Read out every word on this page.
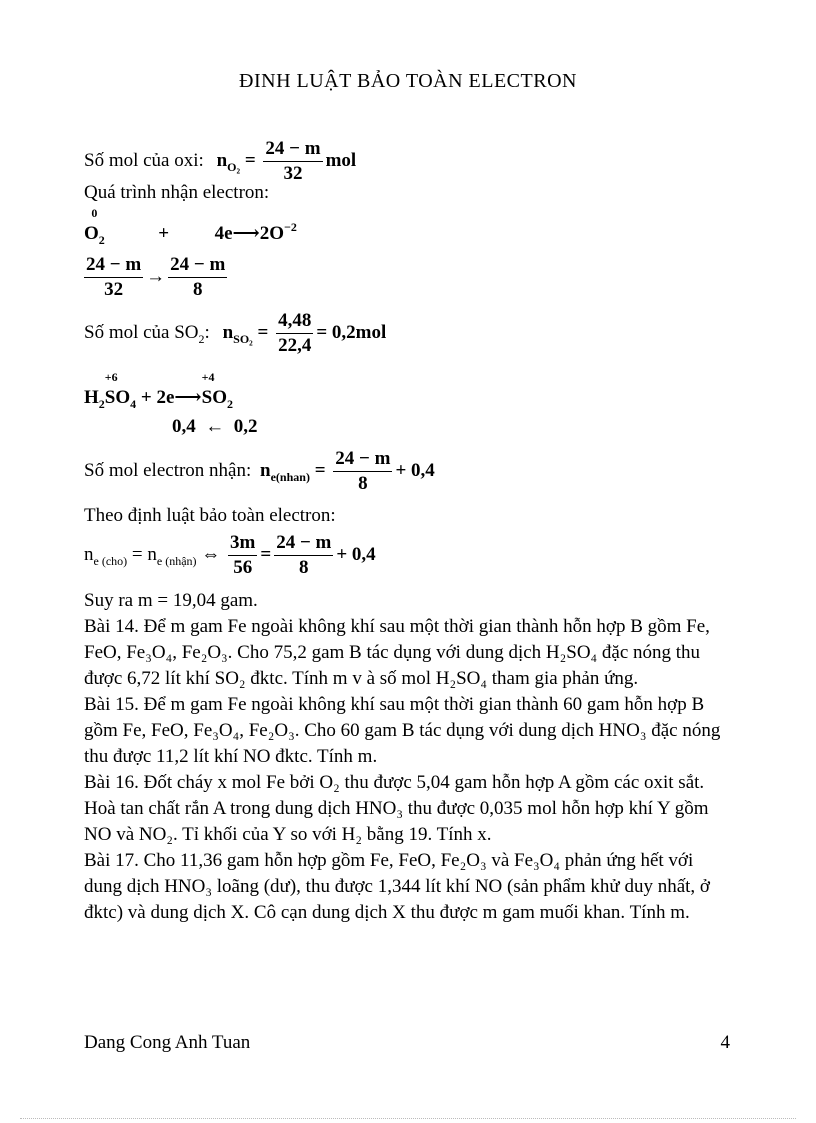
ĐINH LUẬT BẢO TOÀN ELECTRON
Số mol của oxi: $n_{O_2} = \frac{24 - m}{32}$ mol
Quá trình nhận electron:
0
$O_2$	+ $4e⟶2O^{-2}$
$\frac{24 - m}{32} \to \frac{24 - m}{8}$
Số mol của $SO_2$: $n_{SO_2} = \frac{4,48}{22,4} = 0,2mol$
$H_2$
+6
$SO_4$ + 2e⟶
+4
$SO_2$
0,4  ←  0,2
Số mol electron nhận: $n_{e(nhan)} = \frac{24 - m}{8} + 0,4$
Theo định luật bảo toàn electron:
$n_{e (cho)} = n_{e (nhận)}$ ⇔ $\frac{3m}{56} = \frac{24 - m}{8} + 0,4$

Suy ra m = 19,04 gam.

Bài 14. Để m gam Fe ngoài không khí sau một thời gian thành hỗn hợp B gồm Fe, FeO, Fe₃O₄, Fe₂O₃. Cho 75,2 gam B tác dụng với dung dịch H₂SO₄ đặc nóng thu được 6,72 lít khí SO₂ đktc. Tính m v à số mol H₂SO₄ tham gia phản ứng.

Bài 15. Để m gam Fe ngoài không khí sau một thời gian thành 60 gam hỗn hợp B gồm Fe, FeO, Fe₃O₄, Fe₂O₃. Cho 60 gam B tác dụng với dung dịch HNO₃ đặc nóng thu được 11,2 lít khí NO đktc. Tính m.

Bài 16. Đốt cháy x mol Fe bởi O₂ thu được 5,04 gam hỗn hợp A gồm các oxit sắt. Hoà tan chất rắn A trong dung dịch HNO₃ thu được 0,035 mol hỗn hợp khí Y gồm NO và NO₂. Tỉ khối của Y so với H₂ bằng 19. Tính x.

Bài 17. Cho 11,36 gam hỗn hợp gồm Fe, FeO, Fe₂O₃ và Fe₃O₄ phản ứng hết với dung dịch HNO₃ loãng (dư), thu được 1,344 lít khí NO (sản phẩm khử duy nhất, ở đktc) và dung dịch X. Cô cạn dung dịch X thu được m gam muối khan. Tính m.

Dang Cong Anh Tuan	4
